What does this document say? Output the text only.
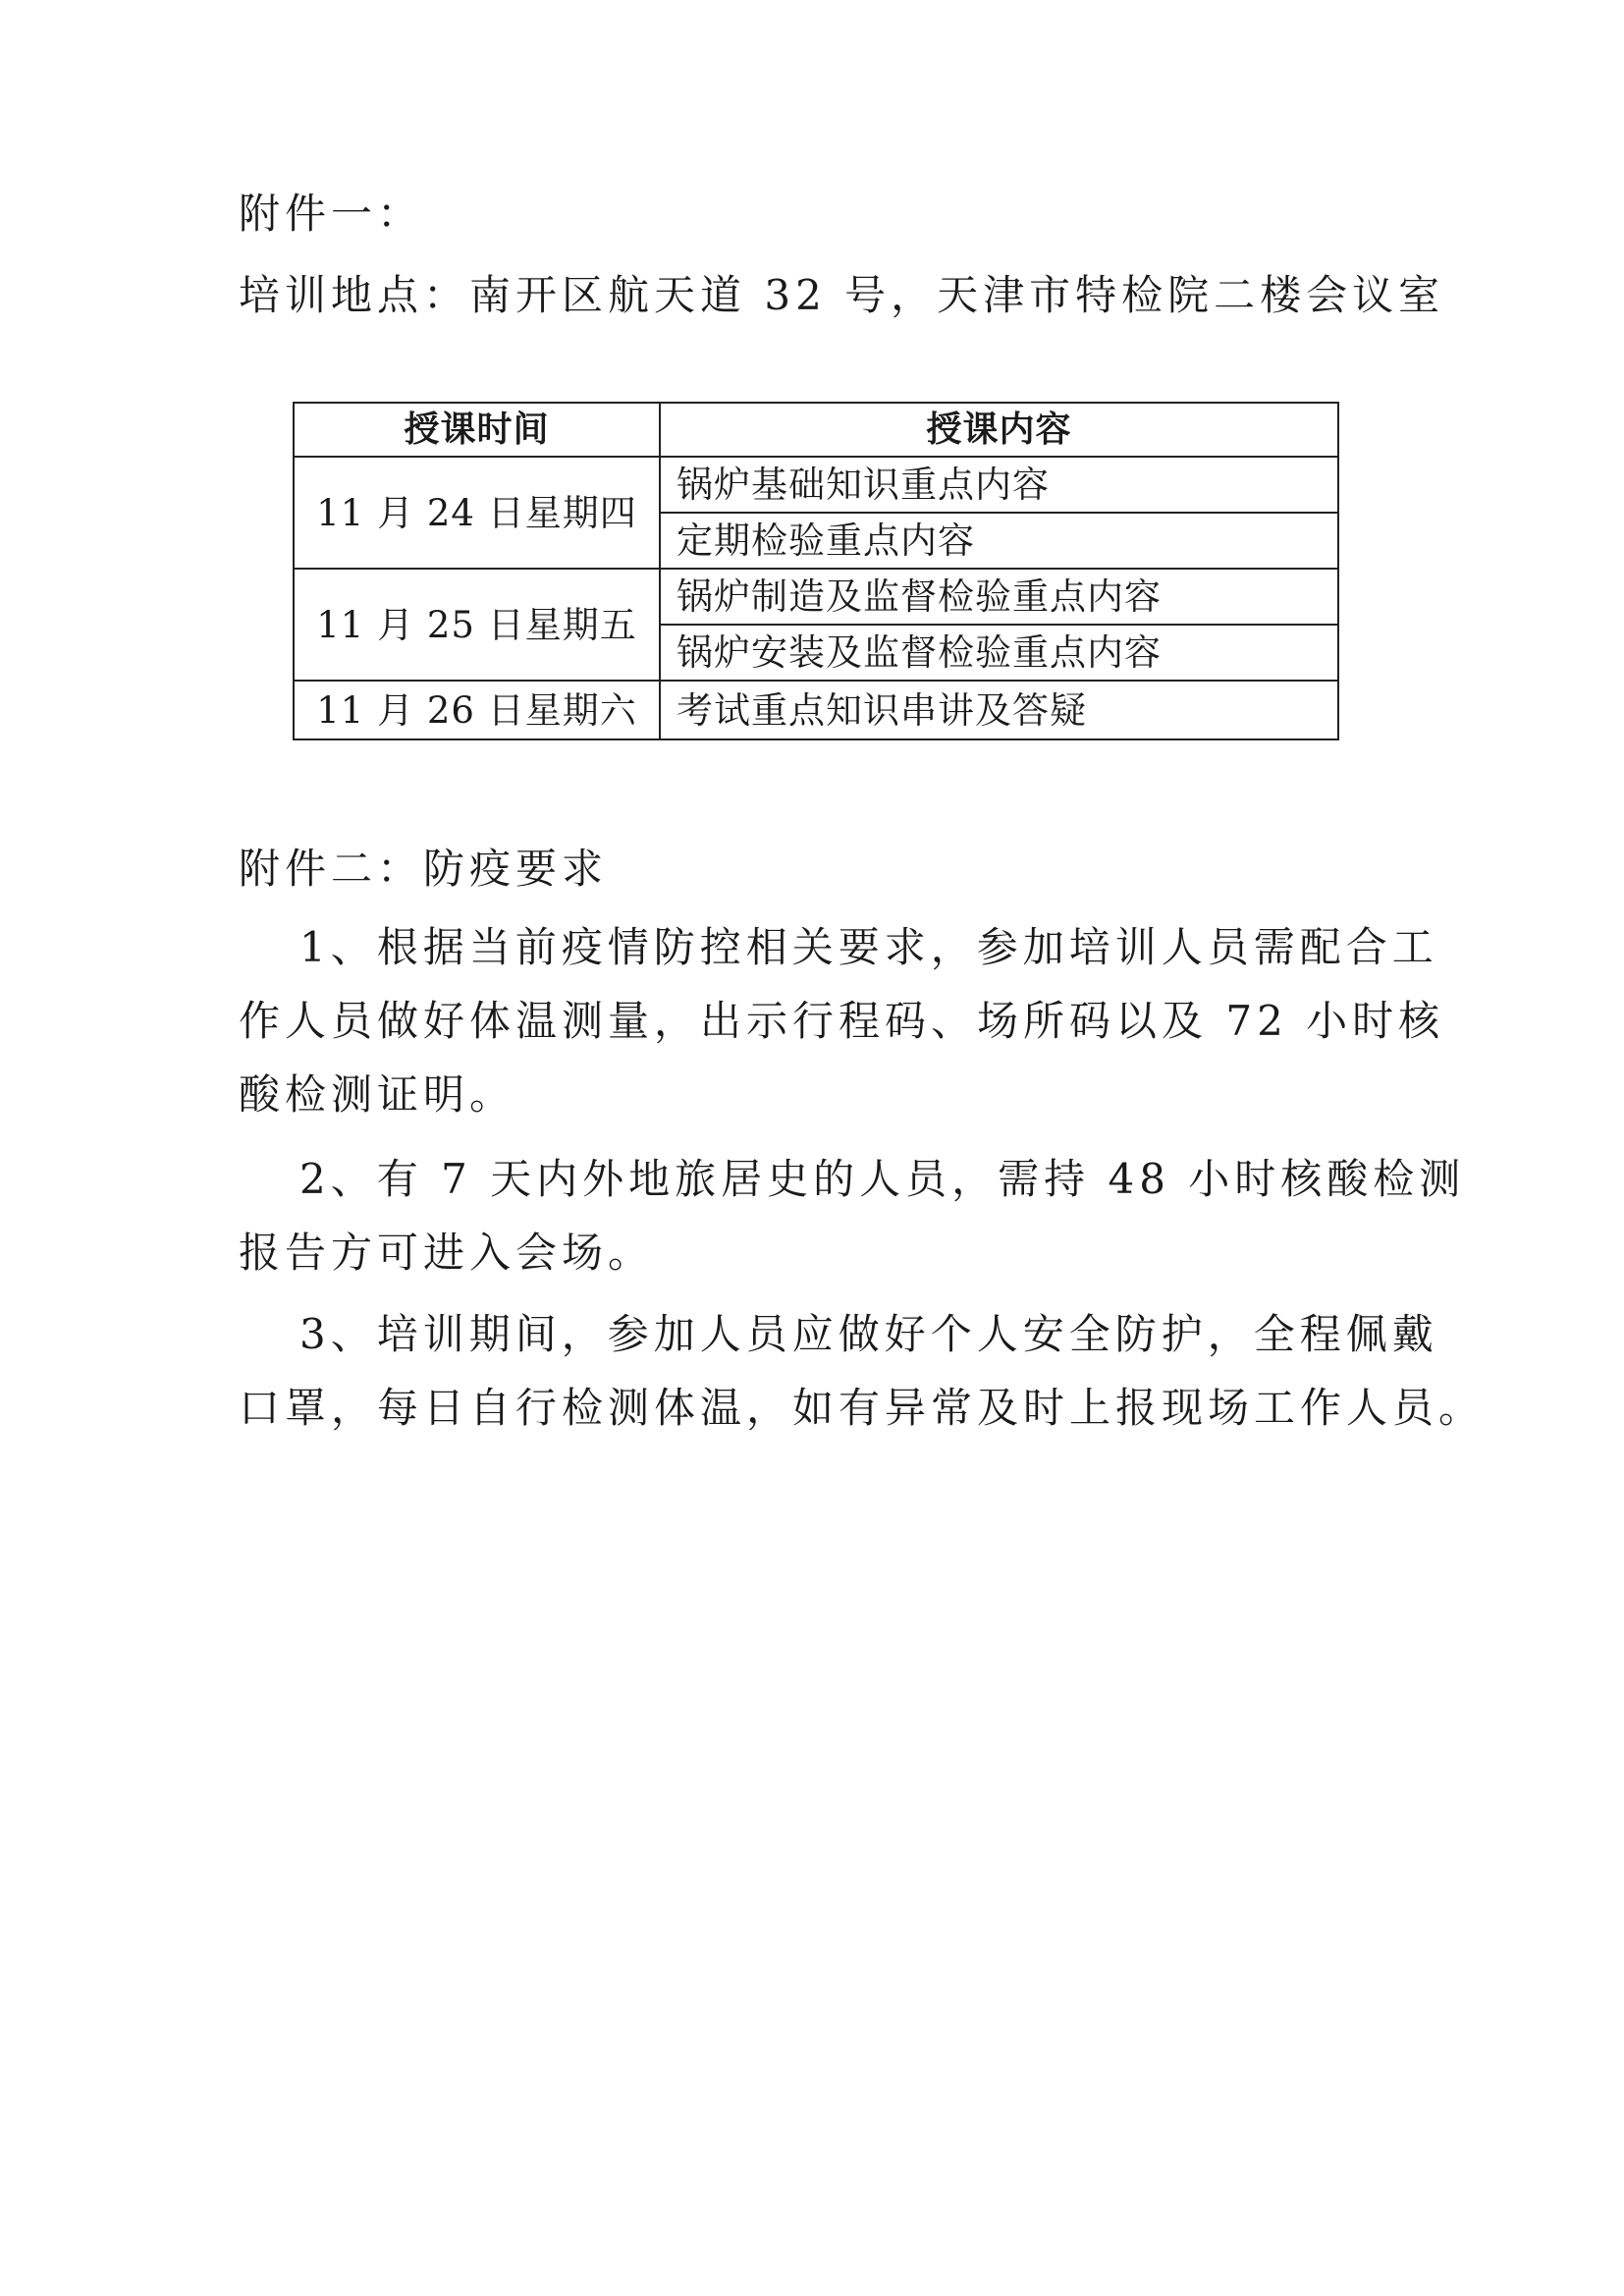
附件一：
培训地点：南开区航天道 32 号，天津市特检院二楼会议室
授课时间	授课内容
11 月 24 日星期四	锅炉基础知识重点内容
	定期检验重点内容
11 月 25 日星期五	锅炉制造及监督检验重点内容
	锅炉安装及监督检验重点内容
11 月 26 日星期六	考试重点知识串讲及答疑
附件二：防疫要求
1、根据当前疫情防控相关要求，参加培训人员需配合工
作人员做好体温测量，出示行程码、场所码以及 72 小时核
酸检测证明。
2、有 7 天内外地旅居史的人员，需持 48 小时核酸检测
报告方可进入会场。
3、培训期间，参加人员应做好个人安全防护，全程佩戴
口罩，每日自行检测体温，如有异常及时上报现场工作人员。
